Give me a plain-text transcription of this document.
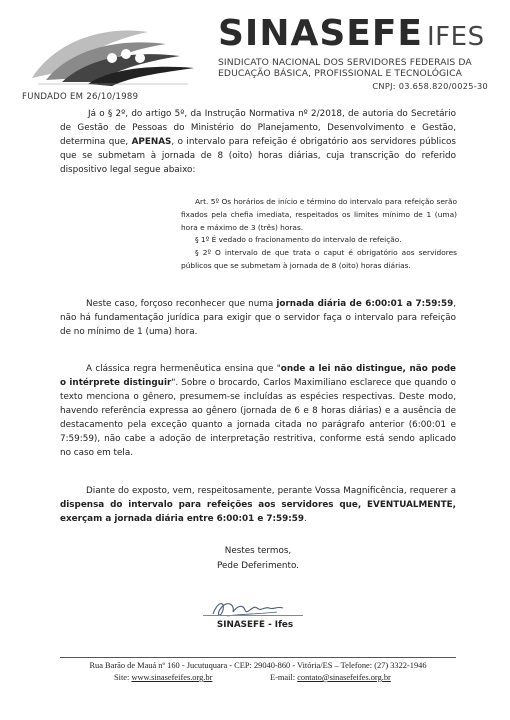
FUNDADO EM 26/10/1989
SINASEFE IFES
SINDICATO NACIONAL DOS SERVIDORES FEDERAIS DA
EDUCAÇÃO BÁSICA, PROFISSIONAL E TECNOLÓGICA
CNPJ: 03.658.820/0025-30
Já o § 2º, do artigo 5º, da Instrução Normativa nº 2/2018, de autoria do Secretário de Gestão de Pessoas do Ministério do Planejamento, Desenvolvimento e Gestão, determina que, APENAS, o intervalo para refeição é obrigatório aos servidores públicos que se submetam à jornada de 8 (oito) horas diárias, cuja transcrição do referido dispositivo legal segue abaixo:
Art. 5º Os horários de início e término do intervalo para refeição serão fixados pela chefia imediata, respeitados os limites mínimo de 1 (uma) hora e máximo de 3 (três) horas.
§ 1º É vedado o fracionamento do intervalo de refeição.
§ 2º O intervalo de que trata o caput é obrigatório aos servidores públicos que se submetam à jornada de 8 (oito) horas diárias.
Neste caso, forçoso reconhecer que numa jornada diária de 6:00:01 a 7:59:59, não há fundamentação jurídica para exigir que o servidor faça o intervalo para refeição de no mínimo de 1 (uma) hora.
A clássica regra hermenêutica ensina que "onde a lei não distingue, não pode o intérprete distinguir". Sobre o brocardo, Carlos Maximiliano esclarece que quando o texto menciona o gênero, presumem-se incluídas as espécies respectivas. Deste modo, havendo referência expressa ao gênero (jornada de 6 e 8 horas diárias) e a ausência de destacamento pela exceção quanto a jornada citada no parágrafo anterior (6:00:01 e 7:59:59), não cabe a adoção de interpretação restritiva, conforme está sendo aplicado no caso em tela.
Diante do exposto, vem, respeitosamente, perante Vossa Magnificência, requerer a dispensa do intervalo para refeições aos servidores que, EVENTUALMENTE, exerçam a jornada diária entre 6:00:01 e 7:59:59.
Nestes termos,
Pede Deferimento.
SINASEFE - Ifes
Rua Barão de Mauá nº 160 - Jucutuquara - CEP: 29040-860 - Vitória/ES – Telefone: (27) 3322-1946
Site: www.sinasefeifes.org.br	E-mail: contato@sinasefeifes.org.br
